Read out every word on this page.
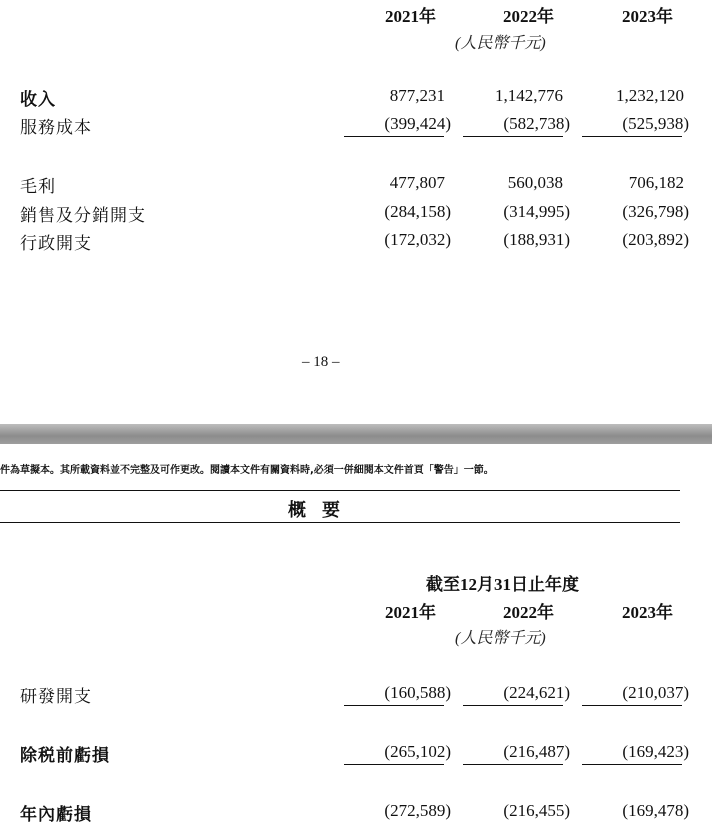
2021年	2022年	2023年
(人民幣千元)
收入	877,231	1,142,776	1,232,120
服務成本	(399,424)	(582,738)	(525,938)
毛利	477,807	560,038	706,182
銷售及分銷開支	(284,158)	(314,995)	(326,798)
行政開支	(172,032)	(188,931)	(203,892)
– 18 –
件為草擬本。其所載資料並不完整及可作更改。閱讀本文件有關資料時,必須一併細閱本文件首頁「警告」一節。
概要
截至12月31日止年度
2021年	2022年	2023年
(人民幣千元)
研發開支	(160,588)	(224,621)	(210,037)
除税前虧損	(265,102)	(216,487)	(169,423)
年內虧損	(272,589)	(216,455)	(169,478)
